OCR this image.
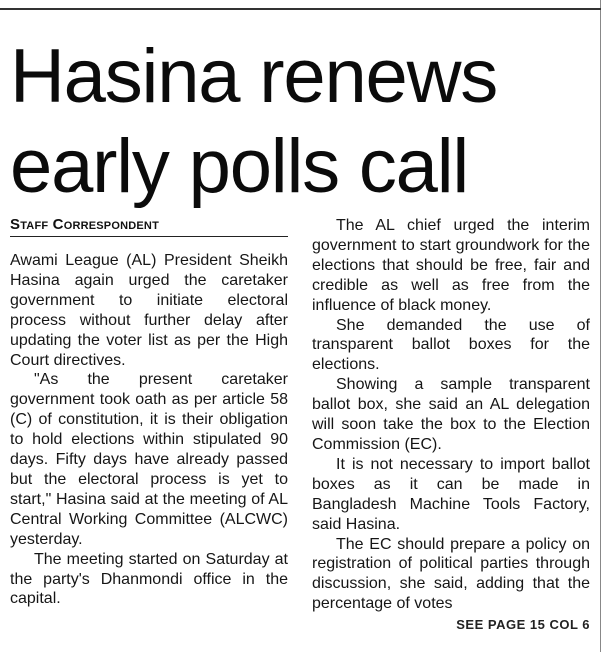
Hasina renews
early polls call
Staff Correspondent

Awami League (AL) President Sheikh Hasina again urged the caretaker government to initiate electoral process without further delay after updating the voter list as per the High Court directives.

"As the present caretaker government took oath as per article 58 (C) of constitution, it is their obligation to hold elections within stipulated 90 days. Fifty days have already passed but the electoral process is yet to start," Hasina said at the meeting of AL Central Working Committee (ALCWC) yesterday.

The meeting started on Saturday at the party's Dhanmondi office in the capital.

The AL chief urged the interim government to start groundwork for the elections that should be free, fair and credible as well as free from the influence of black money.

She demanded the use of transparent ballot boxes for the elections.

Showing a sample transparent ballot box, she said an AL delegation will soon take the box to the Election Commission (EC).

It is not necessary to import ballot boxes as it can be made in Bangladesh Machine Tools Factory, said Hasina.

The EC should prepare a policy on registration of political parties through discussion, she said, adding that the percentage of votes

SEE PAGE 15 COL 6
